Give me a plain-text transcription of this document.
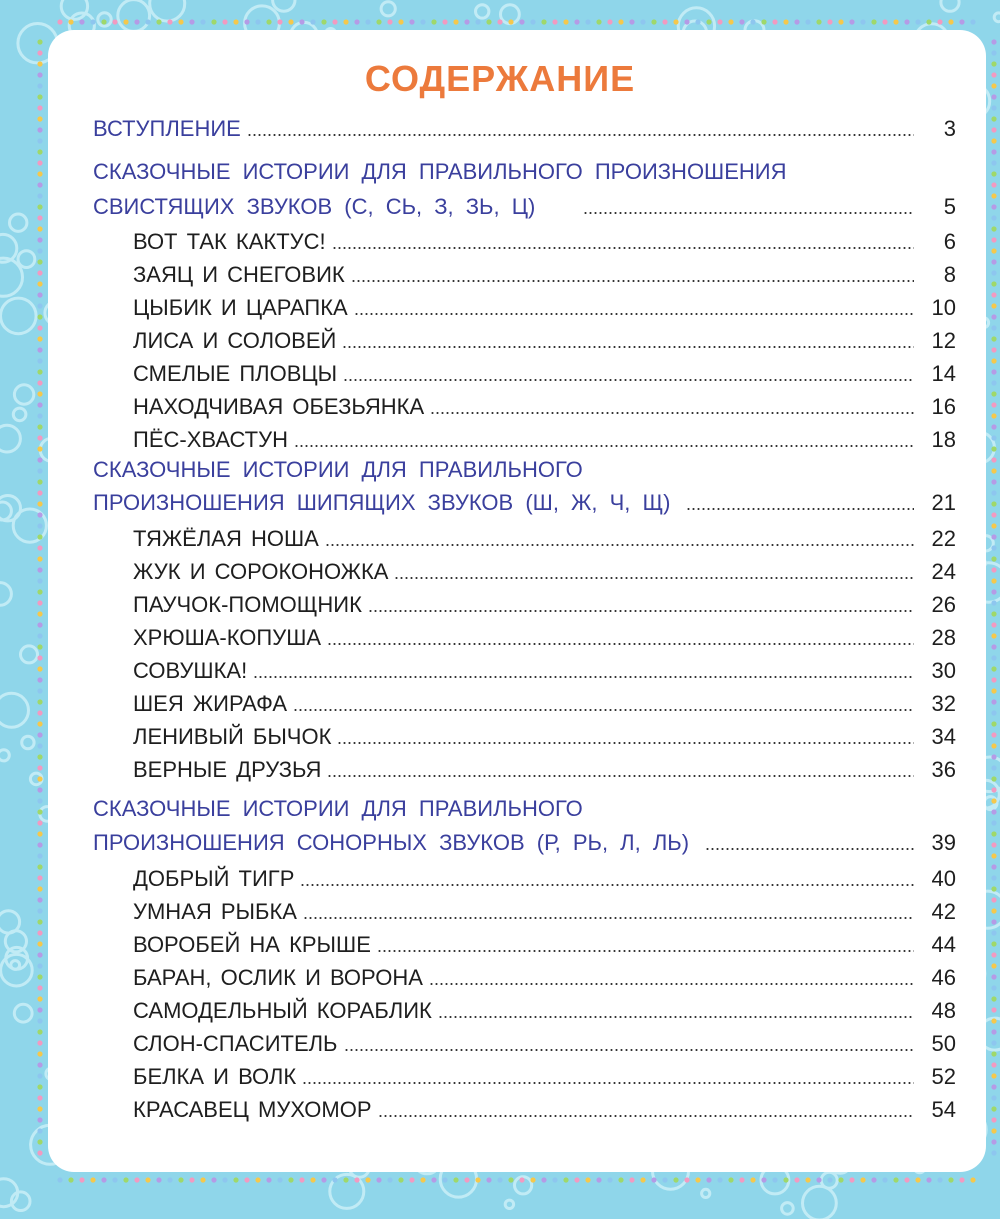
СОДЕРЖАНИЕ
ВСТУПЛЕНИЕ	3
СКАЗОЧНЫЕ ИСТОРИИ ДЛЯ ПРАВИЛЬНОГО ПРОИЗНОШЕНИЯ
СВИСТЯЩИХ ЗВУКОВ (С, СЬ, З, ЗЬ, Ц)	5
ВОТ ТАК КАКТУС!	6
ЗАЯЦ И СНЕГОВИК	8
ЦЫБИК И ЦАРАПКА	10
ЛИСА И СОЛОВЕЙ	12
СМЕЛЫЕ ПЛОВЦЫ	14
НАХОДЧИВАЯ ОБЕЗЬЯНКА	16
ПЁС-ХВАСТУН	18
СКАЗОЧНЫЕ ИСТОРИИ ДЛЯ ПРАВИЛЬНОГО
ПРОИЗНОШЕНИЯ ШИПЯЩИХ ЗВУКОВ (Ш, Ж, Ч, Щ)	21
ТЯЖЁЛАЯ НОША	22
ЖУК И СОРОКОНОЖКА	24
ПАУЧОК-ПОМОЩНИК	26
ХРЮША-КОПУША	28
СОВУШКА!	30
ШЕЯ ЖИРАФА	32
ЛЕНИВЫЙ БЫЧОК	34
ВЕРНЫЕ ДРУЗЬЯ	36
СКАЗОЧНЫЕ ИСТОРИИ ДЛЯ ПРАВИЛЬНОГО
ПРОИЗНОШЕНИЯ СОНОРНЫХ ЗВУКОВ (Р, РЬ, Л, ЛЬ)	39
ДОБРЫЙ ТИГР	40
УМНАЯ РЫБКА	42
ВОРОБЕЙ НА КРЫШЕ	44
БАРАН, ОСЛИК И ВОРОНА	46
САМОДЕЛЬНЫЙ КОРАБЛИК	48
СЛОН-СПАСИТЕЛЬ	50
БЕЛКА И ВОЛК	52
КРАСАВЕЦ МУХОМОР	54
